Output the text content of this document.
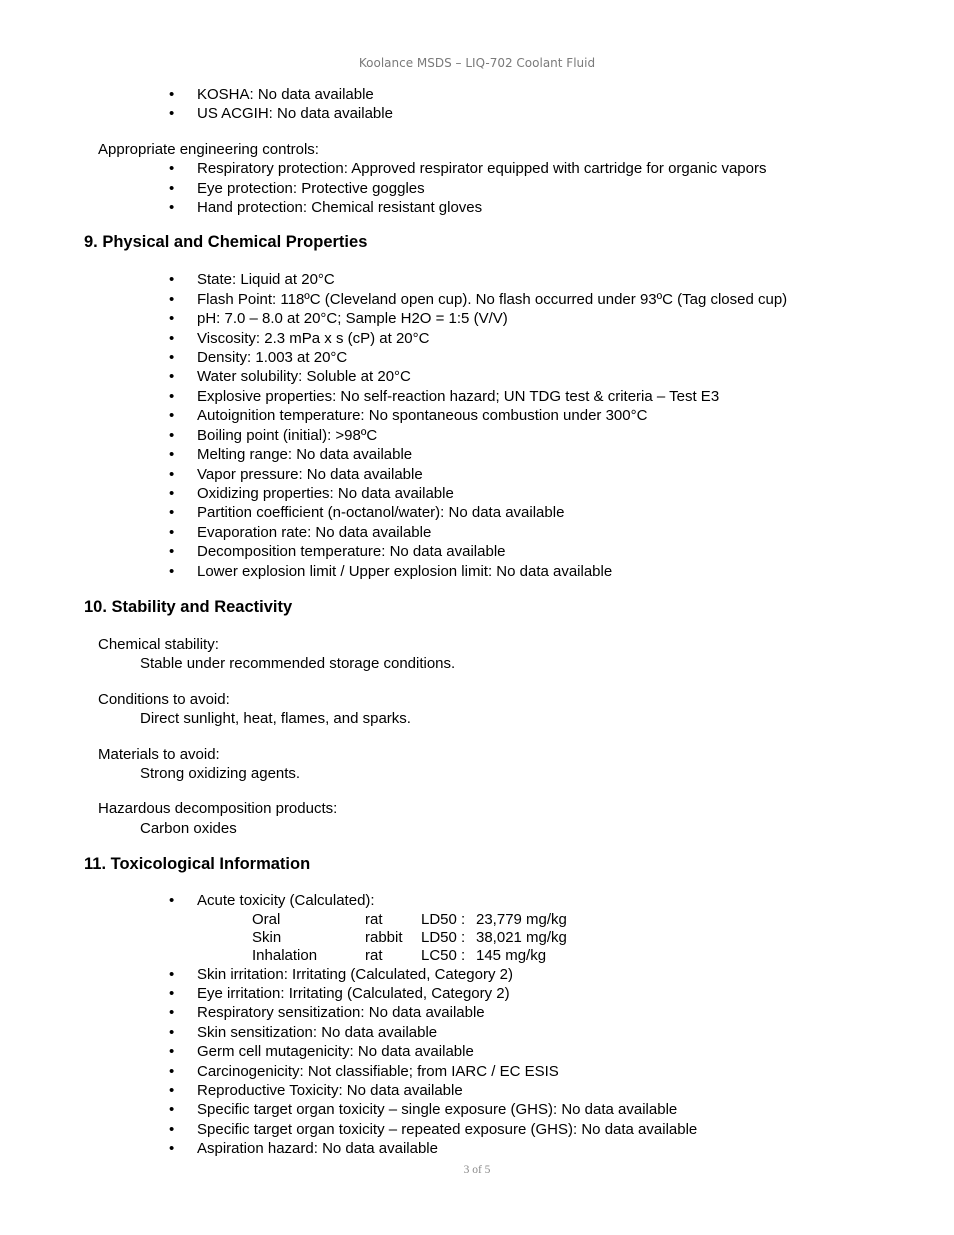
Koolance MSDS – LIQ-702 Coolant Fluid
• KOSHA: No data available
• US ACGIH: No data available
Appropriate engineering controls:
• Respiratory protection: Approved respirator equipped with cartridge for organic vapors
• Eye protection: Protective goggles
• Hand protection: Chemical resistant gloves
9. Physical and Chemical Properties
• State: Liquid at 20°C
• Flash Point: 118ºC (Cleveland open cup). No flash occurred under 93ºC (Tag closed cup)
• pH: 7.0 – 8.0 at 20°C; Sample H2O = 1:5 (V/V)
• Viscosity: 2.3 mPa x s (cP) at 20°C
• Density: 1.003 at 20°C
• Water solubility: Soluble at 20°C
• Explosive properties: No self-reaction hazard; UN TDG test & criteria – Test E3
• Autoignition temperature: No spontaneous combustion under 300°C
• Boiling point (initial): >98ºC
• Melting range: No data available
• Vapor pressure: No data available
• Oxidizing properties: No data available
• Partition coefficient (n-octanol/water): No data available
• Evaporation rate: No data available
• Decomposition temperature: No data available
• Lower explosion limit / Upper explosion limit: No data available
10. Stability and Reactivity
Chemical stability:
Stable under recommended storage conditions.
Conditions to avoid:
Direct sunlight, heat, flames, and sparks.
Materials to avoid:
Strong oxidizing agents.
Hazardous decomposition products:
Carbon oxides
11. Toxicological Information
• Acute toxicity (Calculated):
Oral	rat	LD50 : 23,779 mg/kg
Skin	rabbit LD50 : 38,021 mg/kg
Inhalation	rat	LC50 : 145 mg/kg
• Skin irritation: Irritating (Calculated, Category 2)
• Eye irritation: Irritating (Calculated, Category 2)
• Respiratory sensitization: No data available
• Skin sensitization: No data available
• Germ cell mutagenicity: No data available
• Carcinogenicity: Not classifiable; from IARC / EC ESIS
• Reproductive Toxicity: No data available
• Specific target organ toxicity – single exposure (GHS): No data available
• Specific target organ toxicity – repeated exposure (GHS): No data available
• Aspiration hazard: No data available
3 of 5
